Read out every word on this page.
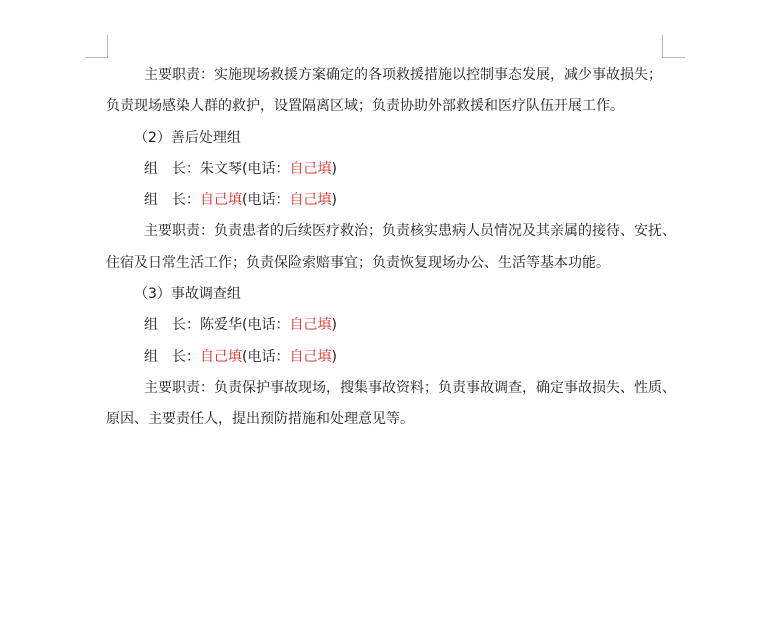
主要职责：实施现场救援方案确定的各项救援措施以控制事态发展，减少事故损失；
负责现场感染人群的救护，设置隔离区域；负责协助外部救援和医疗队伍开展工作。
（2）善后处理组
组　长：朱文琴(电话：自己填)
组　长：自己填(电话：自己填)
主要职责：负责患者的后续医疗救治；负责核实患病人员情况及其亲属的接待、安抚、
住宿及日常生活工作；负责保险索赔事宜；负责恢复现场办公、生活等基本功能。
（3）事故调查组
组　长：陈爱华(电话：自己填)
组　长：自己填(电话：自己填)
主要职责：负责保护事故现场，搜集事故资料；负责事故调查，确定事故损失、性质、
原因、主要责任人，提出预防措施和处理意见等。
